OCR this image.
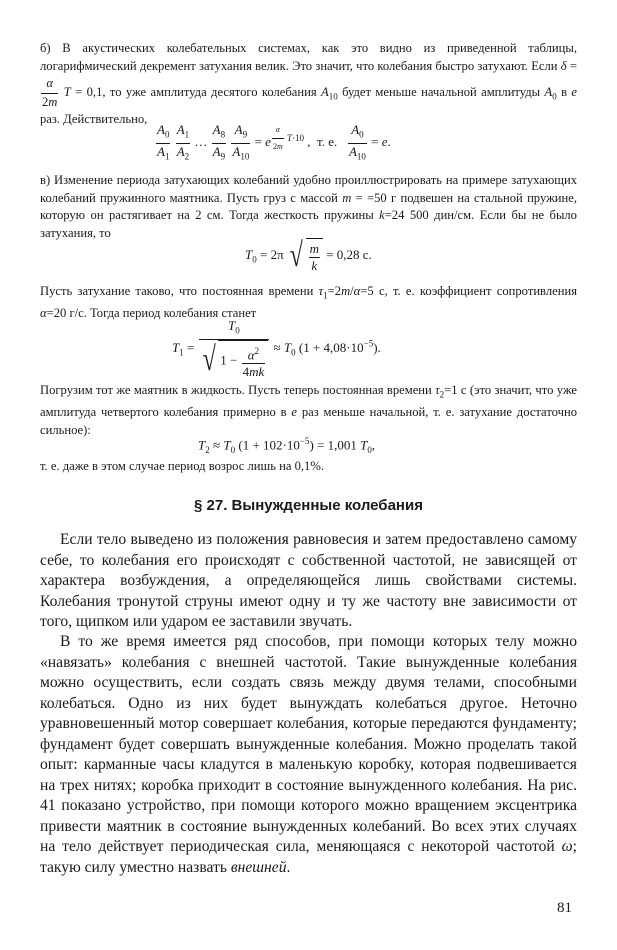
б) В акустических колебательных системах, как это видно из приведенной таблицы, логарифмический декремент затухания велик. Это значит, что колебания быстро затухают. Если δ =
$\frac{\alpha}{2m}$ T = 0,1, то уже амплитуда десятого колебания $A_{10}$ будет меньше начальной амплитуды $A_0$ в e раз. Действительно,

$\frac{A_0}{A_1}$
$\frac{A_1}{A_2}$ … $\frac{A_8}{A_9}$
$\frac{A_9}{A_{10}} = e$ $^{\frac{\alpha}{2m} T\cdot 10}$ ,  т. е. $\frac{A_0}{A_{10}} = e$.

в) Изменение периода затухающих колебаний удобно проиллюстрировать на примере затухающих колебаний пружинного маятника. Пусть груз с массой m = =50 г подвешен на стальной пружине, которую он растягивает на 2 см. Тогда жесткость пружины k=24 500 дин/см. Если бы не было затухания, то

$T_0 = 2\pi$ √ $\frac{m}{k} = 0,28$ с.

Пусть затухание таково, что постоянная времени $\tau_1=2m/\alpha=5$ с, т. е. коэффициент сопротивления α=20 г/с. Тогда период колебания станет

$T_1 = \frac{T_0}{√ 1 - \frac{\alpha^2}{4mk}} \approx T_0$ $(1 + 4,08\cdot 10^{-5})$.

Погрузим тот же маятник в жидкость. Пусть теперь постоянная времени $\tau_2=1$ с (это значит, что уже амплитуда четвертого колебания примерно в e раз меньше начальной, т. е. затухание достаточно сильное):

$T_2 \approx T_0$ $(1 + 102\cdot 10^{-5}) = 1,001$ $T_0$,

т. е. даже в этом случае период возрос лишь на 0,1%.

§ 27. Вынужденные колебания

Если тело выведено из положения равновесия и затем предоставлено самому себе, то колебания его происходят с собственной частотой, не зависящей от характера возбуждения, а определяющейся лишь свойствами системы. Колебания тронутой струны имеют одну и ту же частоту вне зависимости от того, щипком или ударом ее заставили звучать.

В то же время имеется ряд способов, при помощи которых телу можно «навязать» колебания с внешней частотой. Такие вынужденные колебания можно осуществить, если создать связь между двумя телами, способными колебаться. Одно из них будет вынуждать колебаться другое. Неточно уравновешенный мотор совершает колебания, которые передаются фундаменту; фундамент будет совершать вынужденные колебания. Можно проделать такой опыт: карманные часы кладутся в маленькую коробку, которая подвешивается на трех нитях; коробка приходит в состояние вынужденного колебания. На рис. 41 показано устройство, при помощи которого можно вращением эксцентрика привести маятник в состояние вынужденных колебаний. Во всех этих случаях на тело действует периодическая сила, меняющаяся с некоторой частотой ω; такую силу уместно назвать внешней.

81
